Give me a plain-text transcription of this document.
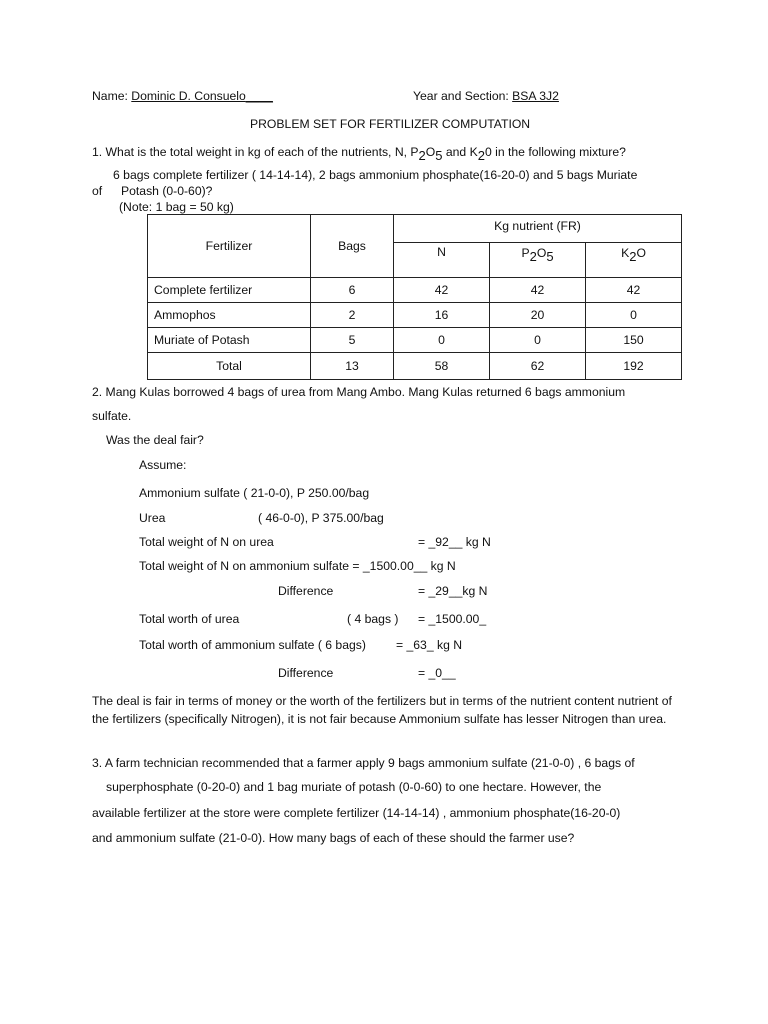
Name: Dominic D. Consuelo____	Year and Section: BSA 3J2
PROBLEM SET FOR FERTILIZER COMPUTATION
1. What is the total weight in kg of each of the nutrients, N, P2O5 and K20 in the following mixture?
6 bags complete fertilizer ( 14-14-14), 2 bags ammonium phosphate(16-20-0) and 5 bags Muriate
of Potash (0-0-60)?
(Note: 1 bag = 50 kg)
Fertilizer	Bags	Kg nutrient (FR)		
		N	P2O5	K2O
Complete fertilizer	6	42	42	42
Ammophos	2	16	20	0
Muriate of Potash	5	0	0	150
Total	13	58	62	192
2. Mang Kulas borrowed 4 bags of urea from Mang Ambo. Mang Kulas returned 6 bags ammonium
sulfate.
Was the deal fair?
Assume:
Ammonium sulfate ( 21-0-0), P 250.00/bag
Urea	( 46-0-0), P 375.00/bag
Total weight of N on urea	= _92__ kg N
Total weight of N on ammonium sulfate = _1500.00__ kg N
Difference	= _29__kg N
Total worth of urea	( 4 bags ) = _1500.00_
Total worth of ammonium sulfate ( 6 bags) = _63_ kg N
Difference	= _0__
The deal is fair in terms of money or the worth of the fertilizers but in terms of the nutrient content nutrient of the fertilizers (specifically Nitrogen), it is not fair because Ammonium sulfate has lesser Nitrogen than urea.
3. A farm technician recommended that a farmer apply 9 bags ammonium sulfate (21-0-0) , 6 bags of
superphosphate (0-20-0) and 1 bag muriate of potash (0-0-60) to one hectare. However, the
available fertilizer at the store were complete fertilizer (14-14-14) , ammonium phosphate(16-20-0)
and ammonium sulfate (21-0-0). How many bags of each of these should the farmer use?
